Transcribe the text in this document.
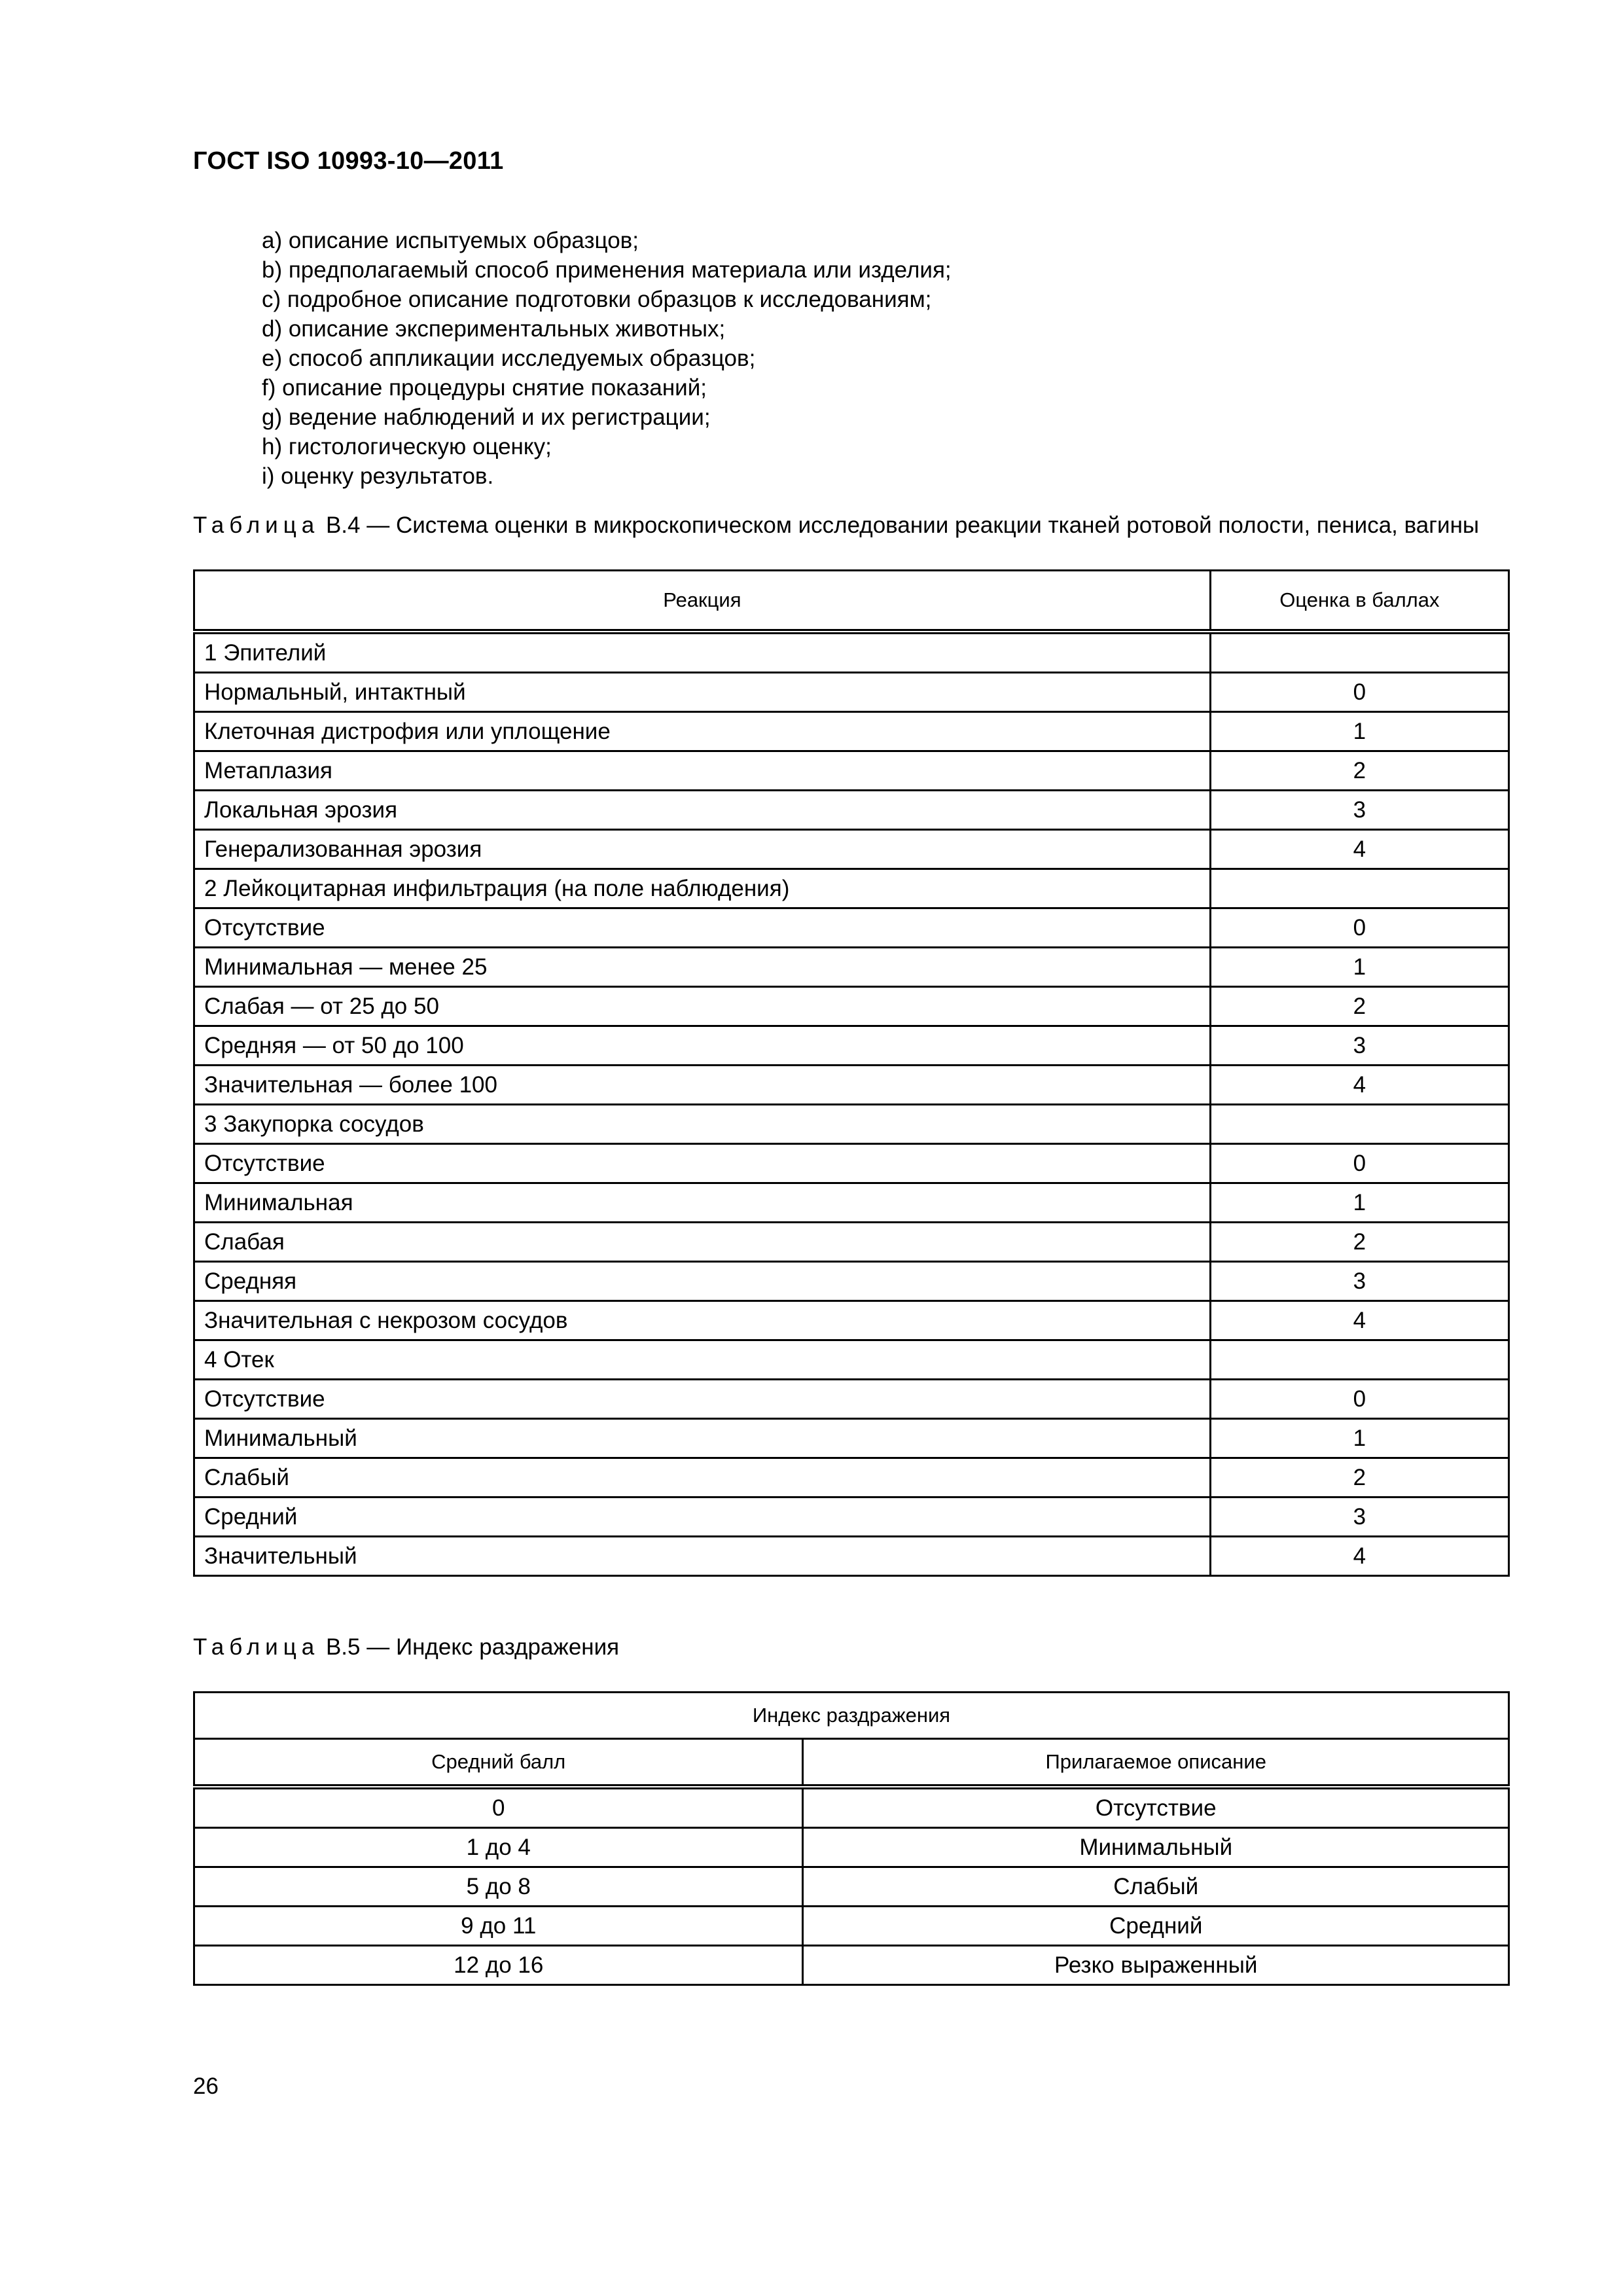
ГОСТ ISO 10993-10—2011
a) описание испытуемых образцов;
b) предполагаемый способ применения материала или изделия;
c) подробное описание подготовки образцов к исследованиям;
d) описание экспериментальных животных;
e) способ аппликации исследуемых образцов;
f) описание процедуры снятие показаний;
g) ведение наблюдений и их регистрации;
h) гистологическую оценку;
i) оценку результатов.
Таблица B.4 — Система оценки в микроскопическом исследовании реакции тканей ротовой полости, пениса, вагины
Реакция	Оценка в баллах
1 Эпителий	
Нормальный, интактный	0
Клеточная дистрофия или уплощение	1
Метаплазия	2
Локальная эрозия	3
Генерализованная эрозия	4
2 Лейкоцитарная инфильтрация (на поле наблюдения)	
Отсутствие	0
Минимальная — менее 25	1
Слабая — от 25 до 50	2
Средняя — от 50 до 100	3
Значительная — более 100	4
3 Закупорка сосудов	
Отсутствие	0
Минимальная	1
Слабая	2
Средняя	3
Значительная с некрозом сосудов	4
4 Отек	
Отсутствие	0
Минимальный	1
Слабый	2
Средний	3
Значительный	4
Таблица B.5 — Индекс раздражения
Индекс раздражения	
Средний балл	Прилагаемое описание
0	Отсутствие
1 до 4	Минимальный
5 до 8	Слабый
9 до 11	Средний
12 до 16	Резко выраженный
26
